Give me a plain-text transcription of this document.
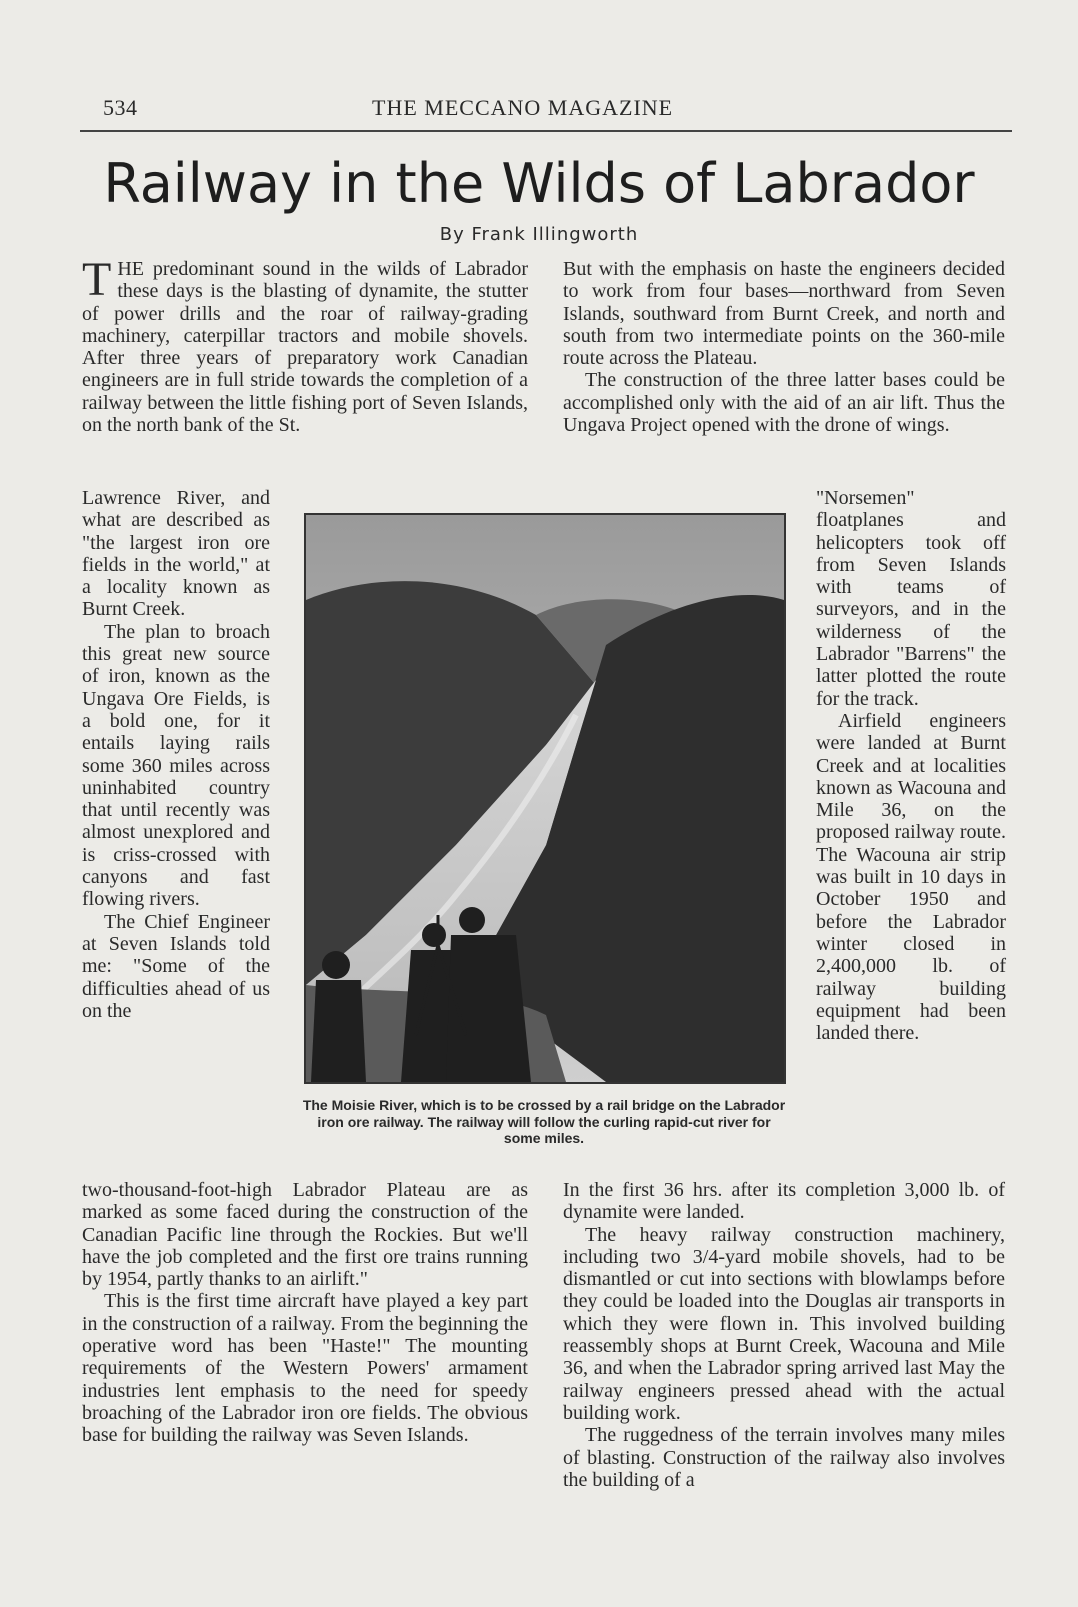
534	THE MECCANO MAGAZINE
Railway in the Wilds of Labrador
By Frank Illingworth

THE predominant sound in the wilds of Labrador these days is the blasting of dynamite, the stutter of power drills and the roar of railway-grading machinery, caterpillar tractors and mobile shovels. After three years of preparatory work Canadian engineers are in full stride towards the completion of a railway between the little fishing port of Seven Islands, on the north bank of the St.

Lawrence River, and what are described as "the largest iron ore fields in the world," at a locality known as Burnt Creek.

The plan to broach this great new source of iron, known as the Ungava Ore Fields, is a bold one, for it entails laying rails some 360 miles across uninhabited country that until recently was almost unexplored and is criss-crossed with canyons and fast flowing rivers.

The Chief Engineer at Seven Islands told me: "Some of the difficulties ahead of us on the

two-thousand-foot-high Labrador Plateau are as marked as some faced during the construction of the Canadian Pacific line through the Rockies. But we'll have the job completed and the first ore trains running by 1954, partly thanks to an airlift."

This is the first time aircraft have played a key part in the construction of a railway. From the beginning the operative word has been "Haste!" The mounting requirements of the Western Powers' armament industries lent emphasis to the need for speedy broaching of the Labrador iron ore fields. The obvious base for building the railway was Seven Islands.

But with the emphasis on haste the engineers decided to work from four bases—northward from Seven Islands, southward from Burnt Creek, and north and south from two intermediate points on the 360-mile route across the Plateau.

The construction of the three latter bases could be accomplished only with the aid of an air lift. Thus the Ungava Project opened with the drone of wings.

"Norsemen" floatplanes and helicopters took off from Seven Islands with teams of surveyors, and in the wilderness of the Labrador "Barrens" the latter plotted the route for the track.

Airfield engineers were landed at Burnt Creek and at localities known as Wacouna and Mile 36, on the proposed railway route. The Wacouna air strip was built in 10 days in October 1950 and before the Labrador winter closed in 2,400,000 lb. of railway building equipment had been landed there.

In the first 36 hrs. after its completion 3,000 lb. of dynamite were landed.

The heavy railway construction machinery, including two 3/4-yard mobile shovels, had to be dismantled or cut into sections with blowlamps before they could be loaded into the Douglas air transports in which they were flown in. This involved building reassembly shops at Burnt Creek, Wacouna and Mile 36, and when the Labrador spring arrived last May the railway engineers pressed ahead with the actual building work.

The ruggedness of the terrain involves many miles of blasting. Construction of the railway also involves the building of a

The Moisie River, which is to be crossed by a rail bridge on the Labrador iron ore railway. The railway will follow the curling rapid-cut river for some miles.
